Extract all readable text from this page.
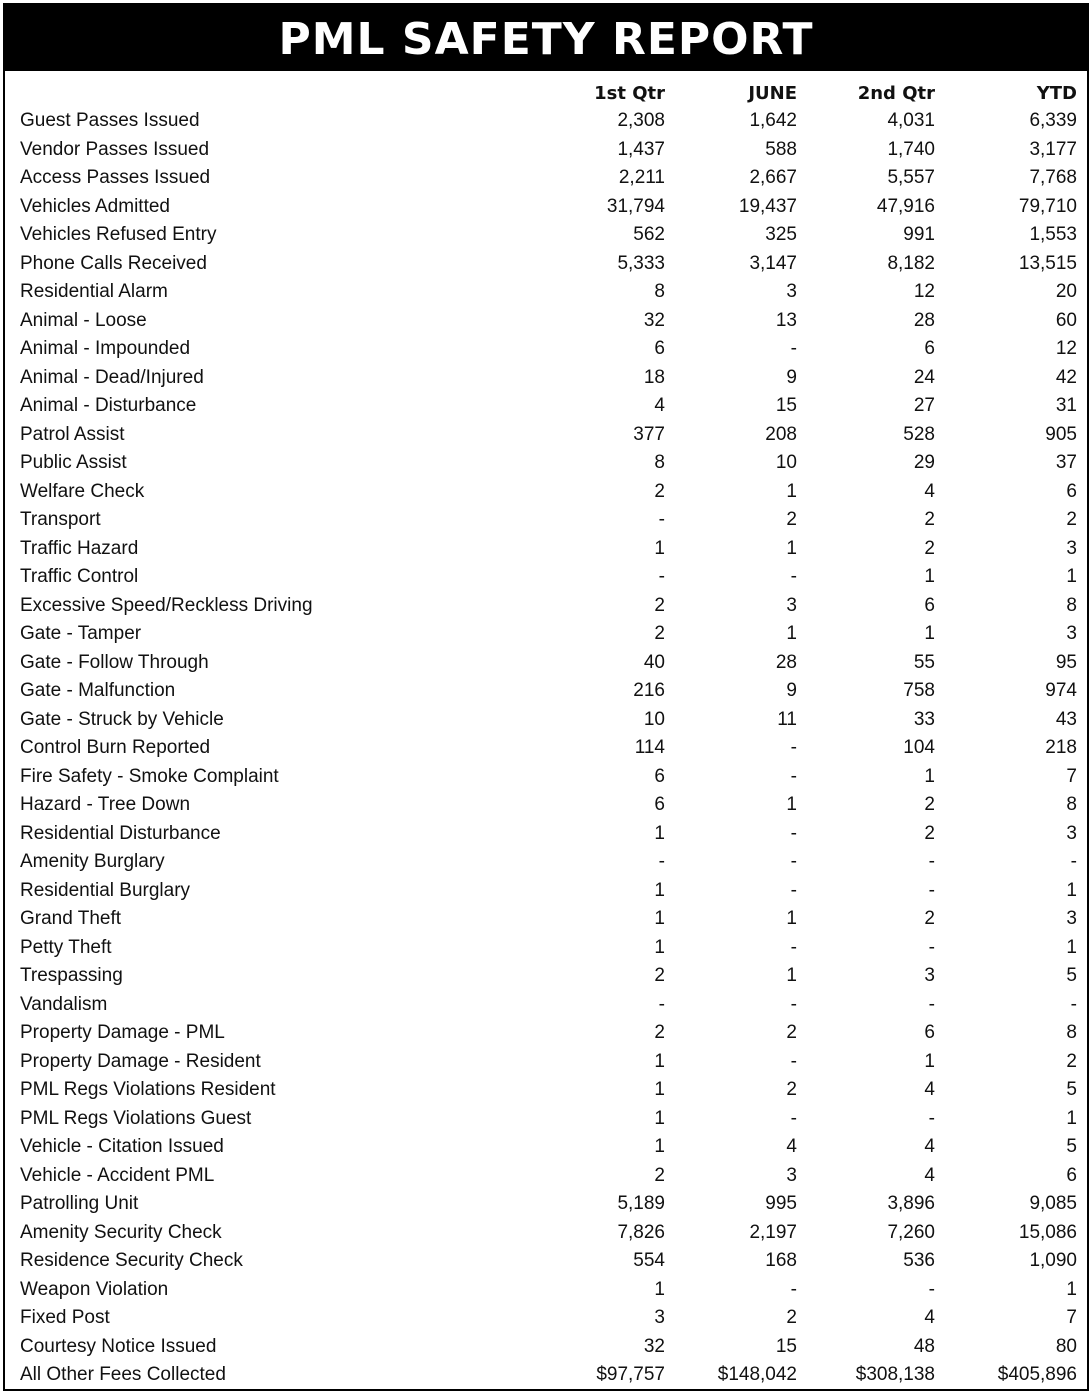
PML SAFETY REPORT
	1st Qtr	JUNE	2nd Qtr	YTD
Guest Passes Issued	2,308	1,642	4,031	6,339
Vendor Passes Issued	1,437	588	1,740	3,177
Access Passes Issued	2,211	2,667	5,557	7,768
Vehicles Admitted	31,794	19,437	47,916	79,710
Vehicles Refused Entry	562	325	991	1,553
Phone Calls Received	5,333	3,147	8,182	13,515
Residential Alarm	8	3	12	20
Animal - Loose	32	13	28	60
Animal - Impounded	6	-	6	12
Animal - Dead/Injured	18	9	24	42
Animal - Disturbance	4	15	27	31
Patrol Assist	377	208	528	905
Public Assist	8	10	29	37
Welfare Check	2	1	4	6
Transport	-	2	2	2
Traffic Hazard	1	1	2	3
Traffic Control	-	-	1	1
Excessive Speed/Reckless Driving	2	3	6	8
Gate - Tamper	2	1	1	3
Gate - Follow Through	40	28	55	95
Gate - Malfunction	216	9	758	974
Gate - Struck by Vehicle	10	11	33	43
Control Burn Reported	114	-	104	218
Fire Safety - Smoke Complaint	6	-	1	7
Hazard - Tree Down	6	1	2	8
Residential Disturbance	1	-	2	3
Amenity Burglary	-	-	-	-
Residential Burglary	1	-	-	1
Grand Theft	1	1	2	3
Petty Theft	1	-	-	1
Trespassing	2	1	3	5
Vandalism	-	-	-	-
Property Damage - PML	2	2	6	8
Property Damage - Resident	1	-	1	2
PML Regs Violations Resident	1	2	4	5
PML Regs Violations Guest	1	-	-	1
Vehicle - Citation Issued	1	4	4	5
Vehicle - Accident PML	2	3	4	6
Patrolling Unit	5,189	995	3,896	9,085
Amenity Security Check	7,826	2,197	7,260	15,086
Residence Security Check	554	168	536	1,090
Weapon Violation	1	-	-	1
Fixed Post	3	2	4	7
Courtesy Notice Issued	32	15	48	80
All Other Fees Collected	$97,757	$148,042	$308,138	$405,896
